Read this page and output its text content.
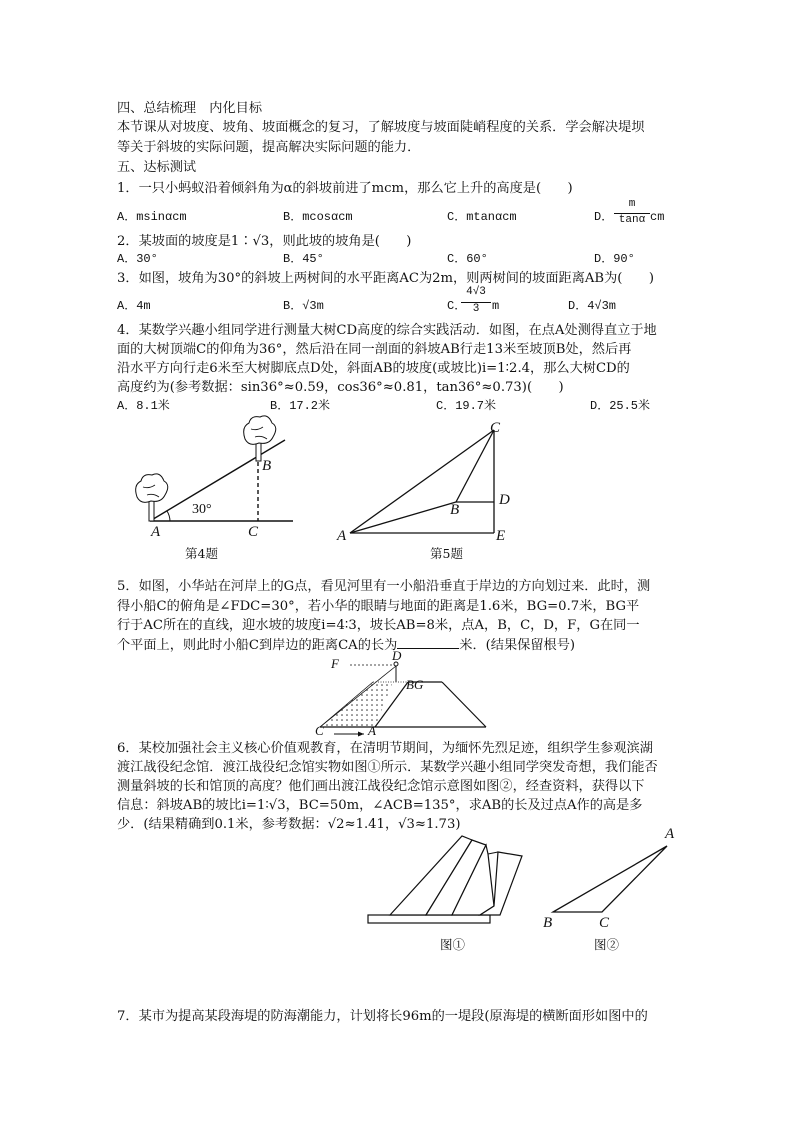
四、总结梳理　内化目标
本节课从对坡度、坡角、坡面概念的复习，了解坡度与坡面陡峭程度的关系．学会解决堤坝
等关于斜坡的实际问题，提高解决实际问题的能力．
五、达标测试
1．一只小蚂蚁沿着倾斜角为α的斜坡前进了mcm，那么它上升的高度是(　　)
A．msinαcm	B．mcosαcm	C．mtanαcm	D．
m
tanα cm
2．某坡面的坡度是1∶√3，则此坡的坡角是(　　)
A．30°	B．45°	C．60°	D．90°
3．如图，坡角为30°的斜坡上两树间的水平距离AC为2m，则两树间的坡面距离AB为(　　)
A．4m	B．√3m	C．
4√3
3	m	D．4√3m
4．某数学兴趣小组同学进行测量大树CD高度的综合实践活动．如图，在点A处测得直立于地
面的大树顶端C的仰角为36°，然后沿在同一剖面的斜坡AB行走13米至坡顶B处，然后再
沿水平方向行走6米至大树脚底点D处，斜面AB的坡度(或坡比)i=1∶2.4，那么大树CD的
高度约为(参考数据：sin36°≈0.59，cos36°≈0.81，tan36°≈0.73)(　　)
A．8.1米	B．17.2米	C．19.7米	D．25.5米
30°
A
B
C
第4题
C
D
B
A	E
第5题
5．如图，小华站在河岸上的G点，看见河里有一小船沿垂直于岸边的方向划过来．此时，测
得小船C的俯角是∠FDC=30°，若小华的眼睛与地面的距离是1.6米，BG=0.7米，BG平
行于AC所在的直线，迎水坡的坡度i=4∶3，坡长AB=8米，点A，B，C，D，F，G在同一
个平面上，则此时小船C到岸边的距离CA的长为	米．(结果保留根号)
F
D
BG
C	A
6．某校加强社会主义核心价值观教育，在清明节期间，为缅怀先烈足迹，组织学生参观滨湖
渡江战役纪念馆．渡江战役纪念馆实物如图①所示．某数学兴趣小组同学突发奇想，我们能否
测量斜坡的长和馆顶的高度？他们画出渡江战役纪念馆示意图如图②，经查资料，获得以下
信息：斜坡AB的坡比i=1∶√3，BC=50m，∠ACB=135°，求AB的长及过点A作的高是多
少．(结果精确到0.1米，参考数据：√2≈1.41，√3≈1.73)
图①
A
B	C
图②
7．某市为提高某段海堤的防海潮能力，计划将长96m的一堤段(原海堤的横断面形如图中的
